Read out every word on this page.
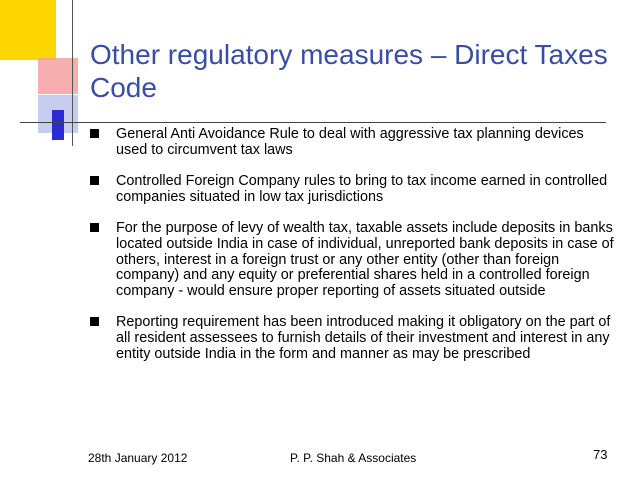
Other regulatory measures – Direct Taxes Code
General Anti Avoidance Rule to deal with aggressive tax planning devices used to circumvent tax laws
Controlled Foreign Company rules to bring to tax income earned in controlled companies situated in low tax jurisdictions
For the purpose of levy of wealth tax, taxable assets include deposits in banks located outside India in case of individual, unreported bank deposits in case of others, interest in a foreign trust or any other entity (other than foreign company) and any equity or preferential shares held in a controlled foreign company - would ensure proper reporting of assets situated outside
Reporting requirement has been introduced making it obligatory on the part of all resident assessees to furnish details of their investment and interest in any entity outside India in the form and manner as may be prescribed
28th January 2012	P. P. Shah & Associates	73
